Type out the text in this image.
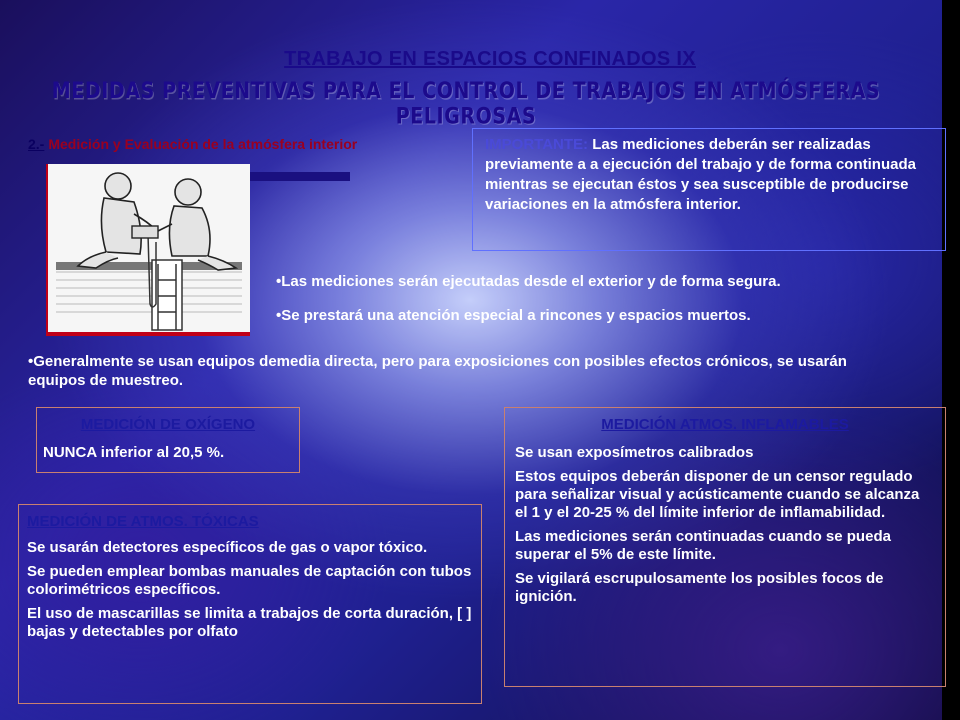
TRABAJO EN ESPACIOS CONFINADOS IX
MEDIDAS PREVENTIVAS PARA EL CONTROL DE TRABAJOS EN ATMÓSFERAS PELIGROSAS
2.- Medición y Evaluación de la atmósfera interior	IMPORTANTE: Las mediciones deberán ser realizadas previamente a a ejecución del trabajo y de forma continuada mientras se ejecutan éstos y sea susceptible de producirse variaciones en la atmósfera interior.
•Las mediciones serán ejecutadas desde el exterior y de forma segura.
•Se prestará una atención especial a rincones y espacios muertos.
•Generalmente se usan equipos demedia directa, pero para exposiciones con posibles efectos crónicos, se usarán equipos de muestreo.
MEDICIÓN DE OXÍGENO
NUNCA inferior al 20,5 %.
MEDICIÓN ATMOS. INFLAMABLES
Se usan exposímetros calibrados
Estos equipos deberán disponer de un censor regulado para señalizar visual y acústicamente cuando se alcanza el 1 y el 20-25 % del límite inferior de inflamabilidad.
Las mediciones serán continuadas cuando se pueda superar el 5% de este límite.
Se vigilará escrupulosamente los posibles focos de ignición.
MEDICIÓN DE ATMOS. TÓXICAS
Se usarán detectores específicos de gas o vapor tóxico.
Se pueden emplear bombas manuales de captación con tubos colorimétricos específicos.
El uso de mascarillas se limita a trabajos de corta duración, [ ] bajas y detectables por olfato
